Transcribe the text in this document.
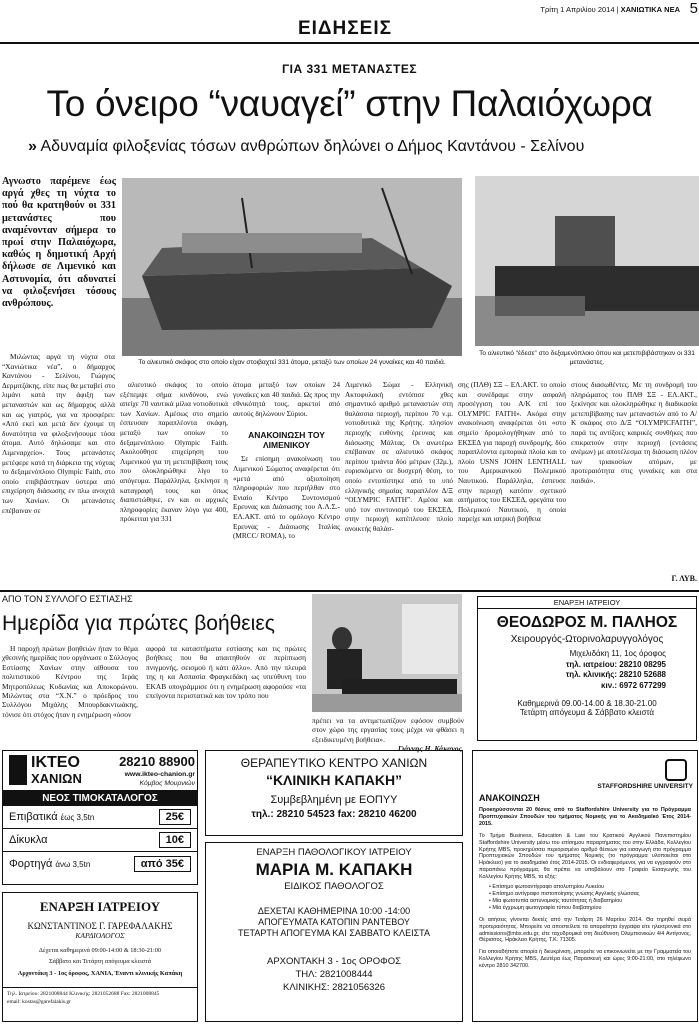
ΕΙΔΗΣΕΙΣ
Τρίτη 1 Απριλίου 2014 | ΧΑΝΙΩΤΙΚΑ ΝΕΑ 5
ΓΙΑ 331 ΜΕΤΑΝΑΣΤΕΣ
Το όνειρο “ναυαγεί” στην Παλαιόχωρα
» Αδυναμία φιλοξενίας τόσων ανθρώπων δηλώνει ο Δήμος Καντάνου - Σελίνου
Αγνωστο παρέμενε έως αργά χθες τη νύχτα το πού θα κρατηθούν οι 331 μετανάστες που αναμένονταν σήμερα το πρωί στην Παλαιόχωρα, καθώς η δημοτική Αρχή δήλωσε σε Λιμενικό και Αστυνομία, ότι αδυνατεί να φιλοξενήσει τόσους ανθρώπους.
Το αλιευτικό σκάφος στο οποίο είχαν στοιβαχτεί 331 άτομα, μεταξύ των οποίων 24 γυναίκες και 40 παιδιά.
Το αλιευτικό “έδεσε” στο δεξαμενόπλοιο όπου και μετεπιβιβάστηκαν οι 331 μετανάστες.
Μιλώντας αργά τη νύχτα στα “Χανιώτικα νέα”, ο δήμαρχος Καντάνου - Σελίνου, Γιώργος Δερμιτζάκης, είπε πως θα μεταβεί στο λιμάνι κατά την άφιξη των μεταναστών και ως δήμαρχος αλλά και ως γιατρός, για να προσφέρει: «Από εκεί και μετά δεν έχουμε τη δυνατότητα να φιλοξενήσουμε τόσα άτομα. Αυτό δηλώσαμε και στο Λιμεναρχείο». Τους μετανάστες μετέφερε κατά τη διάρκεια της νύχτας το δεξαμενόπλοιο Olympic Faith, στο οποίο επιβιβάστηκαν ύστερα από επιχείρηση διάσωσης εν πλω ανοιχτά των Χανίων. Οι μετανάστες επέβαιναν σε
αλιευτικό σκάφος το οποίο εξέπεμψε σήμα κινδύνου, ενώ απείχε 70 ναυτικά μίλια νοτιοδυτικά των Χανίων. Αμέσως στο σημείο έσπευσαν παραπλέοντα σκάφη, μεταξύ των οποίων το δεξαμενόπλοιο Olympic Faith. Ακολούθησε επιχείρηση του Λιμενικού για τη μετεπιβίβαση τους που ολοκληρώθηκε λίγο το απόγευμα. Παράλληλα, ξεκίνησε η καταγραφή τους και όπως διαπιστώθηκε, εν και οι αρχικές πληροφορίες έκαναν λόγο για 400, πρόκειται για 331
άτομα μεταξύ των οποίων 24 γυναίκες και 40 παιδιά. Ως προς την εθνικότητά τους, αρκετοί από αυτούς δηλώνουν Σύριοι.
ΑΝΑΚΟΙΝΩΣΗ ΤΟΥ ΛΙΜΕΝΙΚΟΥ
Σε επίσημη ανακοίνωση του Λιμενικού Σώματος αναφέρεται ότι «μετά από αξιοποίηση πληροφοριών που περιήλθαν στο Ενιαίο Κέντρο Συντονισμού Ερευνας και Διάσωσης του Α.Λ.Σ.- ΕΛ.ΑΚΤ. από το ομόλογο Κέντρο Ερευνας - Διάσωσης Ιταλίας (MRCC/ ROMA), το
Λιμενικό Σώμα - Ελληνική Ακτοφυλακή εντόπισε χθες σημαντικό αριθμό μεταναστών στη θαλάσσια περιοχή, περίπου 70 ν.μ. νοτιοδυτικά της Κρήτης. πλησίον περιοχής ευθύνης έρευνας και διάσωσης Μάλτας. Οι ανωτέρω επέβαιναν σε αλιευτικό σκάφος περίπου τριάντα δύο μέτρων (32μ.), ευρισκόμενο σε δυσχερή θέση, το οποίο εντοπίστηκε από το υπό ελληνικής σημαίας παραπλέον Δ/Ξ “OLYMPIC FAITH”. Αμέσα και υπό τον συντονισμό του ΕΚΣΕΔ, στην περιοχή κατέπλευσε πλοίο ανοικτής θαλάσ-
σης (ΠΛΘ) ΣΞ – ΕΛ.ΑΚΤ. το οποίο και συνέδραμε στην ασφαλή προσέγγιση του Α/Κ επί του OLYMPIC FAITH». Ακόμα στην ανακοίνωση αναφέρεται ότι «στο σημείο δρομολογήθηκαν από το ΕΚΣΕΔ για παροχή συνδρομής, δύο παραπλέοντα εμπορικά πλοία και το πλοίο USNS JOHN LENTHALL του Αμερικανικού Πολεμικού Ναυτικού. Παράλληλα, έσπευσε στην περιοχή κατόπιν σχετικού αιτήματος του ΕΚΣΕΔ, φρεγάτα του Πολεμικού Ναυτικού, η οποία παρείχε και ιατρική βοήθεια
στους διασωθέντες. Με τη συνδρομή του πληρώματος του ΠΛΘ ΣΞ - ΕΛ.ΑΚΤ., ξεκίνησε και ολοκληρώθηκε η διαδικασία μετεπιβίβασης των μεταναστών από το Α/Κ σκάφος στο Δ/Ξ “OLYMPICFAITH”, παρά τις αντίξοες καιρικές συνθήκες που επικρατούν στην περιοχή (εντάσεις ανέμων) με αποτέλεσμα τη διάσωση πλέον των τριακοσίων ατόμων, με προτεραιότητα στις γυναίκες και στα παιδιά».
Γ. ΛΥΒ.
ΑΠΟ ΤΟΝ ΣΥΛΛΟΓΟ ΕΣΤΙΑΣΗΣ
Ημερίδα για πρώτες βοήθειες
Η παροχή πρώτων βοηθειών ήταν το θέμα χθεσινής ημερίδας που οργάνωσε ο Σύλλογος Εστίασης Χανίων στην αίθουσα του πολιτιστικού Κέντρου της Ιεράς Μητροπόλεως Κυδωνίας και Αποκορώνου. Μιλώντας στα “Χ.Ν.” ο πρόεδρος του Συλλόγου Μιχάλης Μπουρδακντωάκης, τόνισε ότι στόχος ήταν η ενημέρωση «όσον
αφορά τα καταστήματα εστίασης και τις πρώτες βοήθειες που θα απαιτηθούν σε περίπτωση πνιγμονής, σεισμού ή κάτι άλλο». Από την πλευρά της η κα Ασπασία Φραγκεδάκη ως υπεύθυνη του ΕΚΑΒ υπογράμμισε ότι η ενημέρωση αφορούσε «τα επείγοντα περιστατικά και τον τρόπο που
πρέπει να τα αντιμετωπίζουν εφόσον συμβούν στον χώρο της εργασίας τους μέχρι να φθάσει η εξειδικευμένη βοήθεια».
Γιάννης Η. Κάκανος
ΕΝΑΡΞΗ ΙΑΤΡΕΙΟΥ
ΘΕΟΔΩΡΟΣ Μ. ΠΑΛΗΟΣ
Χειρουργός-Ωτορινολαρυγγολόγος
Μιχελιδάκη 11, 1ος όροφος
τηλ. ιατρείου: 28210 08295
τηλ. κλινικής: 28210 52688
κιν.: 6972 677299
Καθημερινά 09.00-14.00 & 18.30-21.00
Τετάρτη απόγευμα & Σάββατο κλειστά
ΙΚΤΕΟ
ΧΑΝΙΩΝ
28210 88900
www.ikteo-chanion.gr
Κόμβος Μουρνιών
ΝΕΟΣ ΤΙΜΟΚΑΤΑΛΟΓΟΣ
Επιβατικά έως 3,5tn	25€
Δίκυκλα	10€
Φορτηγά άνω 3,5tn	από 35€
ΕΝΑΡΞΗ ΙΑΤΡΕΙΟΥ
ΚΩΝΣΤΑΝΤΙΝΟΣ Γ. ΓΑΡΕΦΑΛΑΚΗΣ
ΚΑΡΔΙΟΛΟΓΟΣ
Δέχεται καθημερινά 09:00-14:00 & 18:30-21:00
Σάββατο και Τετάρτη απόγευμα κλειστά
Αρχοντάκη 3 - 1ος όροφος, ΧΑΝΙΑ, Έναντι κλινικής Καπάκη
Τηλ. Ιατρείου: 2821008844 Κλινικής: 2821052688 Fax: 2821008845
email: kostas@garefalakis.gr
ΘΕΡΑΠΕΥΤΙΚΟ ΚΕΝΤΡΟ ΧΑΝΙΩΝ
“ΚΛΙΝΙΚΗ ΚΑΠΑΚΗ”
Συμβεβλημένη με ΕΟΠΥΥ
τηλ.: 28210 54523 fax: 28210 46200
ΕΝΑΡΞΗ ΠΑΘΟΛΟΓΙΚΟΥ ΙΑΤΡΕΙΟΥ
ΜΑΡΙΑ Μ. ΚΑΠΑΚΗ
ΕΙΔΙΚΟΣ ΠΑΘΟΛΟΓΟΣ
ΔΕΧΕΤΑΙ ΚΑΘΗΜΕΡΙΝΑ 10:00 -14:00
ΑΠΟΓΕΥΜΑΤΑ ΚΑΤΟΠΙΝ ΡΑΝΤΕΒΟΥ
ΤΕΤΑΡΤΗ ΑΠΟΓΕΥΜΑ ΚΑΙ ΣΑΒΒΑΤΟ ΚΛΕΙΣΤΑ
ΑΡΧΟΝΤΑΚΗ 3 - 1ος ΟΡΟΦΟΣ
ΤΗΛ: 2821008444
ΚΛΙΝΙΚΗΣ: 2821056326
STAFFORDSHIRE UNIVERSITY
ΑΝΑΚΟΙΝΩΣΗ
Προκηρύσσονται 20 θέσεις από το Staffordshire University για το Πρόγραμμα Προπτυχιακών Σπουδών του τμήματος Νομικής για το Ακαδημαϊκό Έτος 2014-2015.
Το Τμήμα Business, Education & Law του Κρατικού Αγγλικού Πανεπιστημίου Staffordshire University μέσω του επίσημου παραρτήματος του στην Ελλάδα, Κολλεγίου Κρήτης MBS, προκηρύσσει περιορισμένο αριθμό θέσεων για εισαγωγή στο πρόγραμμα Προπτυχιακών Σπουδών του τμήματος Νομικής (το πρόγραμμα υλοποιείται στο Ηράκλειο) για το ακαδημαϊκό έτος 2014-2015. Οι ενδιαφερόμενοι, για να εγγραφούν στο παραπάνω πρόγραμμα, θα πρέπει να υποβάλουν στο Γραφείο Εισαγωγής του Κολλεγίου Κρήτης MBS, τα εξής:
• Επίσημο φωτοαντίγραφο απολυτηρίου Λυκείου
• Επίσημο αντίγραφο πιστοποίησης γνώσης Αγγλικής γλώσσας
• Μία φωτοτυπία αστυνομικής ταυτότητας ή διαβατηρίου
• Μία έγχρωμη φωτογραφία τύπου διαβατηρίου
Οι αιτήσεις γίνονται δεκτές από την Τετάρτη 26 Μαρτίου 2014. Θα τηρηθεί σειρά προτεραιότητας. Μπορείτε να αποστείλετε τα απαραίτητα έγγραφα είτε ηλεκτρονικά στο admissions@mbs.edu.gr, είτε ταχυδρομικά στη διεύθυνση Ολυμπιονικών 4/4 Αντίγονος, Θέρισσος, Ηράκλειο Κρήτης, Τ.Κ. 71305.
Για οποιαδήποτε απορία ή διευκρίνιση, μπορείτε να επικοινωνείτε με την Γραμματεία του Κολλεγίου Κρήτης MBS, Δευτέρα έως Παρασκευή και ώρες 9:00-21:00, στο τηλέφωνο κέντρο 2810 342700.
